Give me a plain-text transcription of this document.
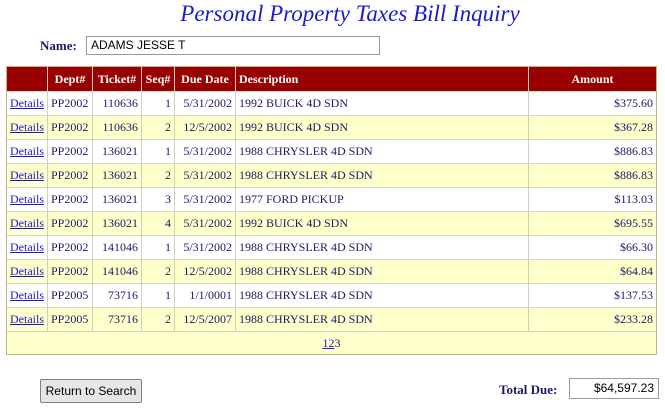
Personal Property Taxes Bill Inquiry
Name:	ADAMS JESSE T
	Dept#	Ticket#	Seq#	Due Date	Description	Amount
Details	PP2002	110636	1	5/31/2002	1992 BUICK 4D SDN	$375.60
Details	PP2002	110636	2	12/5/2002	1992 BUICK 4D SDN	$367.28
Details	PP2002	136021	1	5/31/2002	1988 CHRYSLER 4D SDN	$886.83
Details	PP2002	136021	2	5/31/2002	1988 CHRYSLER 4D SDN	$886.83
Details	PP2002	136021	3	5/31/2002	1977 FORD PICKUP	$113.03
Details	PP2002	136021	4	5/31/2002	1992 BUICK 4D SDN	$695.55
Details	PP2002	141046	1	5/31/2002	1988 CHRYSLER 4D SDN	$66.30
Details	PP2002	141046	2	12/5/2002	1988 CHRYSLER 4D SDN	$64.84
Details	PP2005	73716	1	1/1/0001	1988 CHRYSLER 4D SDN	$137.53
Details	PP2005	73716	2	12/5/2007	1988 CHRYSLER 4D SDN	$233.28
123						
Return to Search	Total Due:	$64,597.23
